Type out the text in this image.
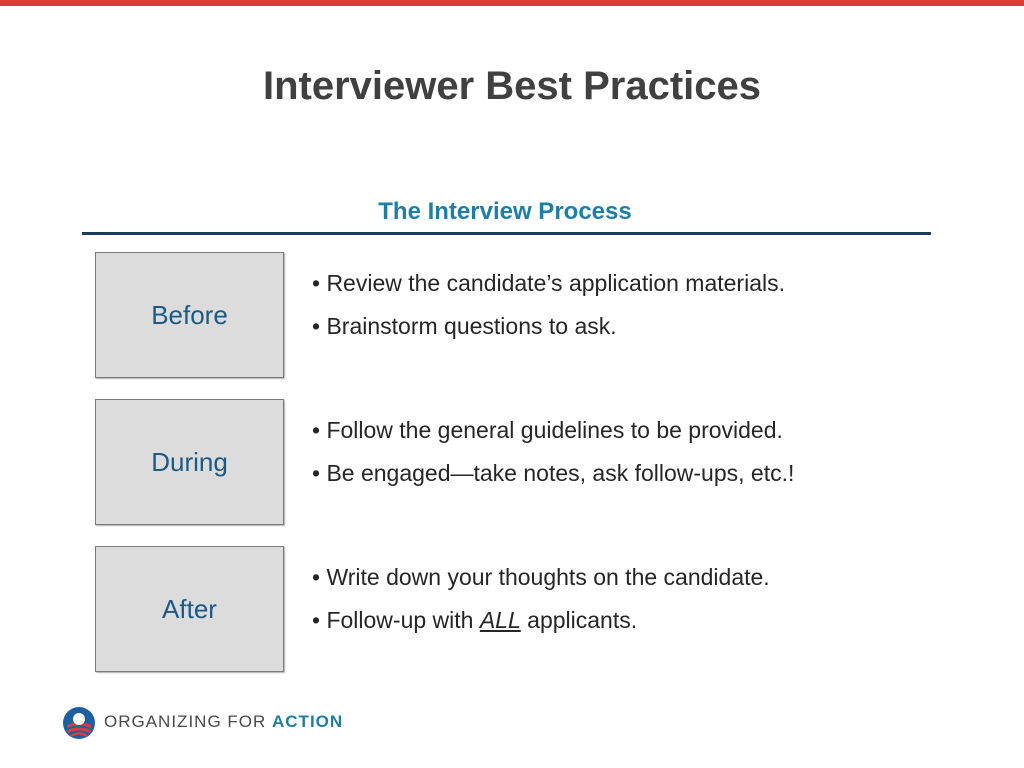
Interviewer Best Practices
The Interview Process
Before
• Review the candidate’s application materials.
• Brainstorm questions to ask.
During
• Follow the general guidelines to be provided.
• Be engaged—take notes, ask follow-ups, etc.!
After
• Write down your thoughts on the candidate.
• Follow-up with ALL applicants.
ORGANIZING FOR ACTION
